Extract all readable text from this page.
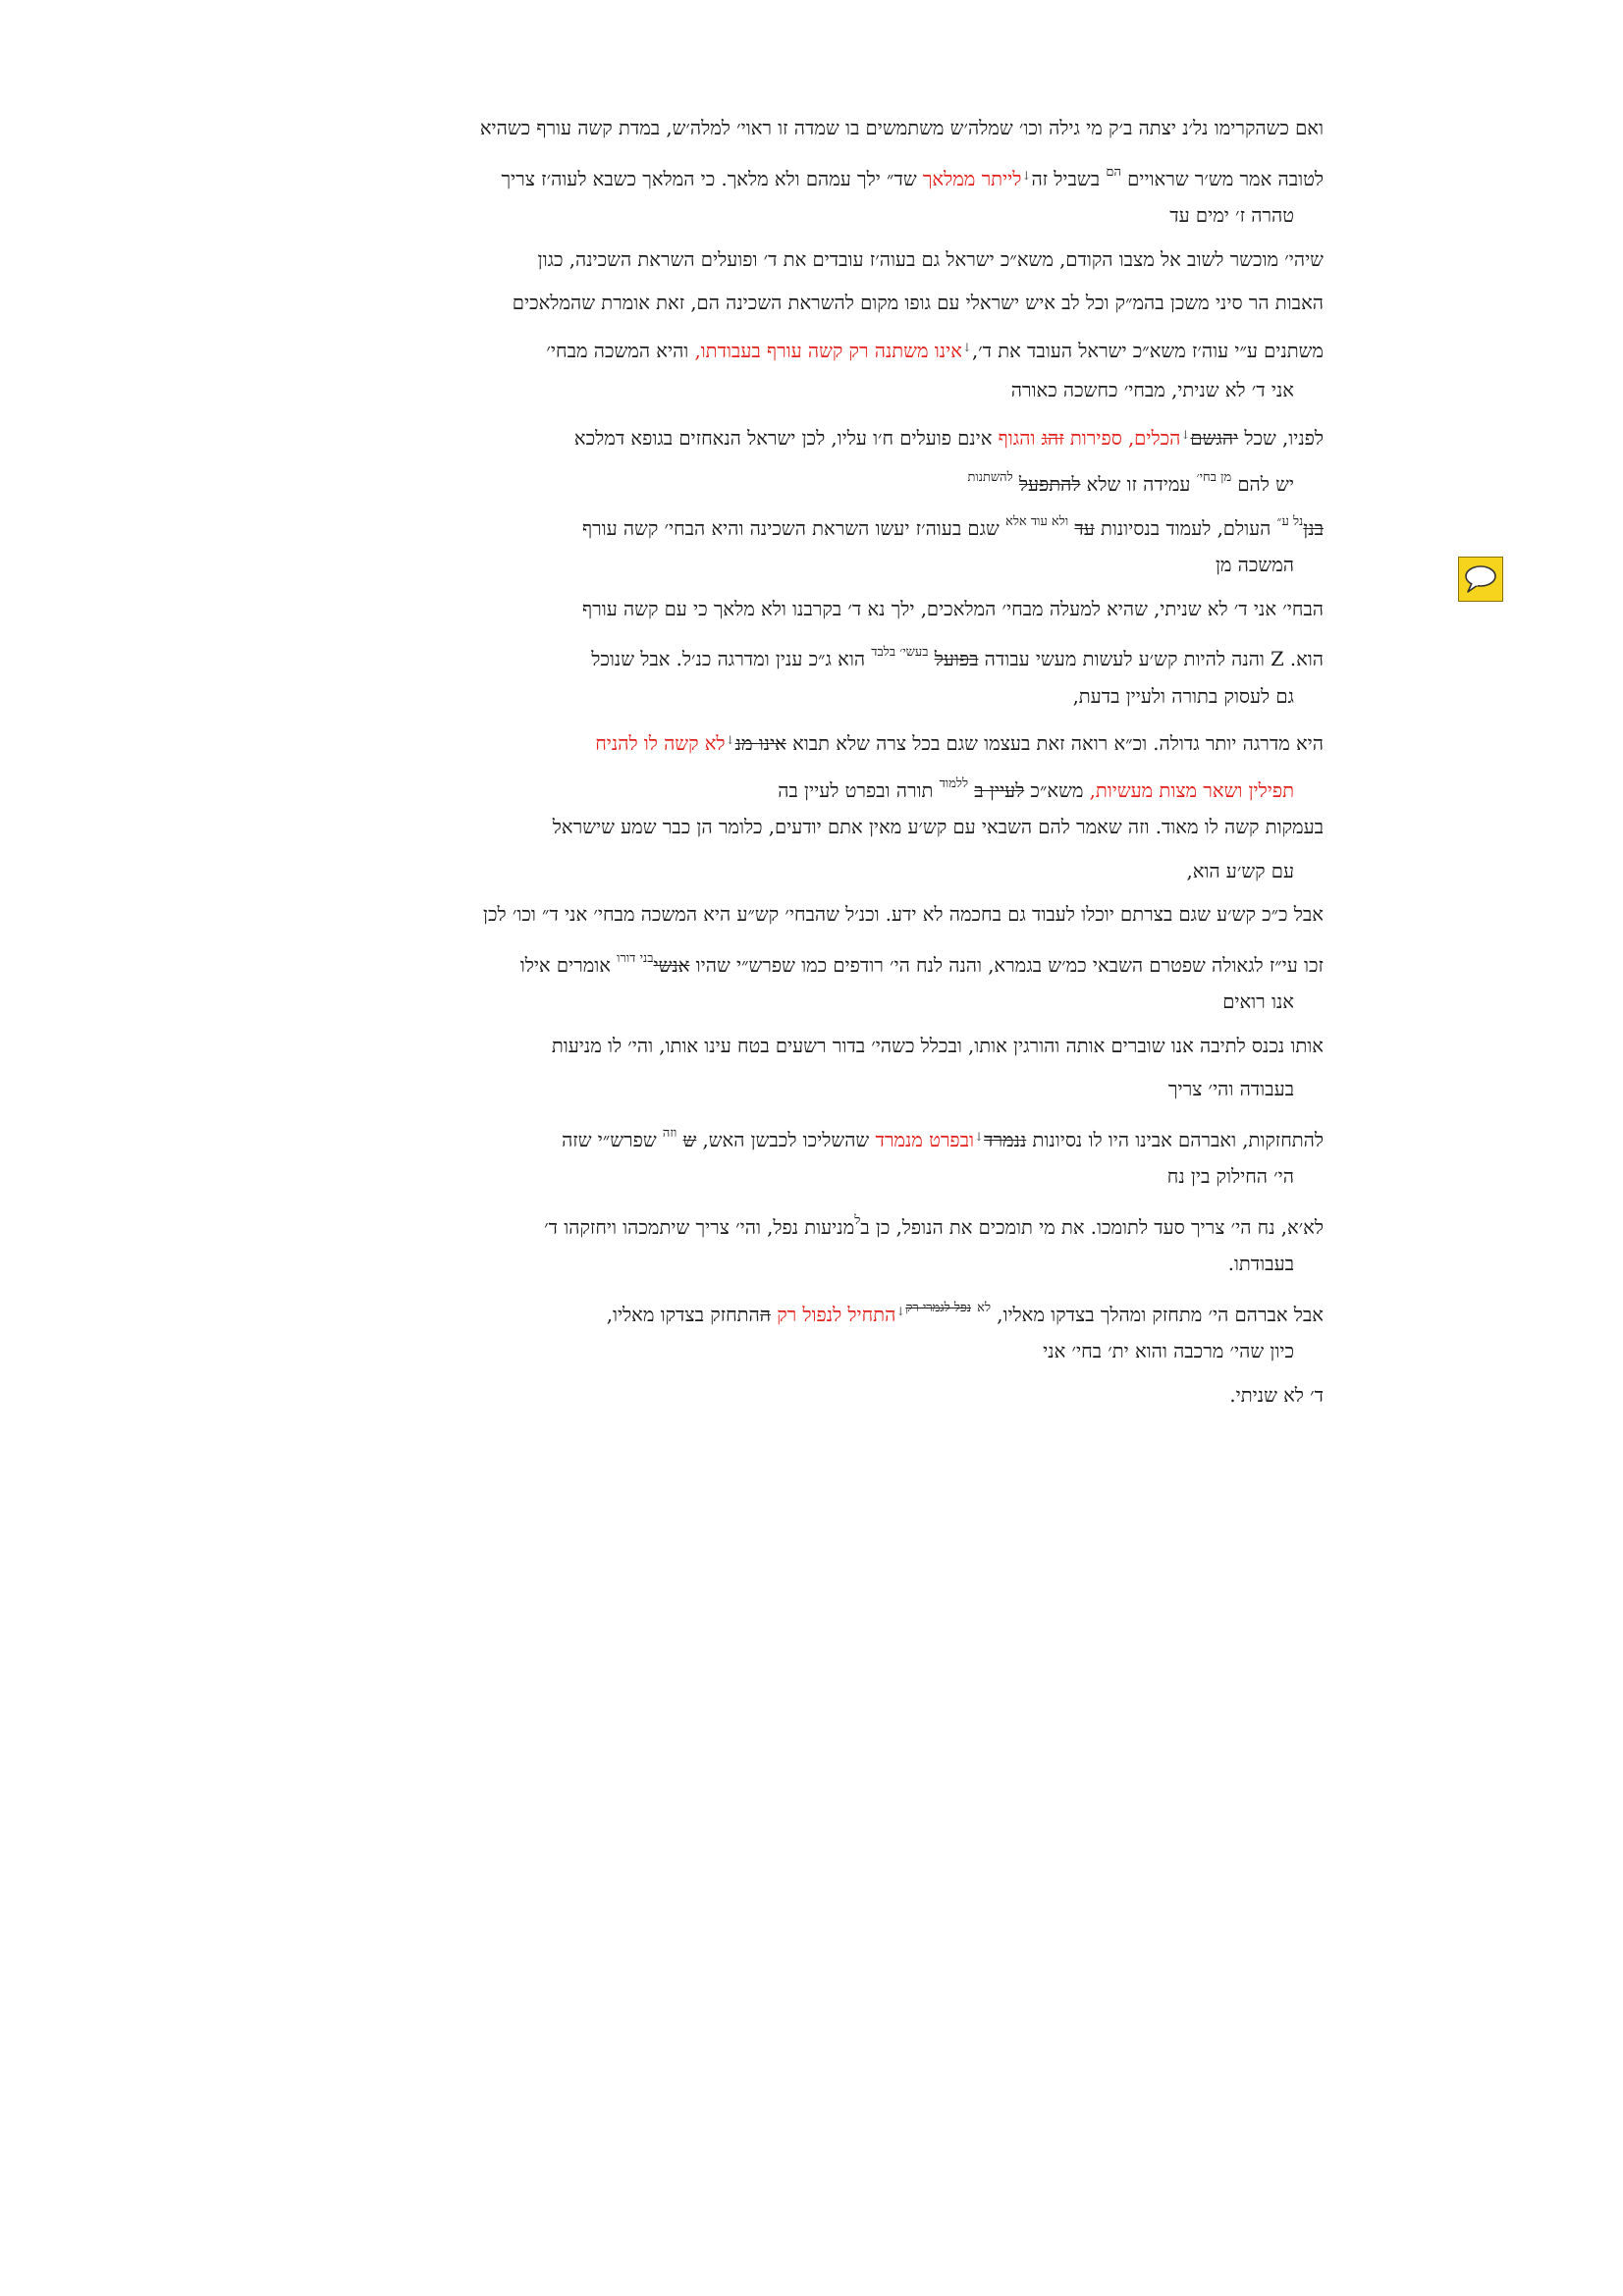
ואם כשהקרימו נל׳נ יצתה ב׳ק מי גילה וכו׳ שמלה׳ש משתמשים בו שמדה זו ראוי׳ למלה׳ש, במדת קשה עורף כשהיא
לטובה אמר מש׳ר שראויים $^{הם}$ בשביל זה↓לייתר ממלאך שד״ ילך עמהם ולא מלאך. כי המלאך כשבא לעוה׳ז צריך
טהרה ז׳ ימים עד
שיהי׳ מוכשר לשוב אל מצבו הקודם, משא״כ ישראל גם בעוה׳ז עובדים את ד׳ ופועלים השראת השכינה, כגון
האבות הר סיני משכן בהמ״ק וכל לב איש ישראלי עם גופו מקום להשראת השכינה הם, זאת אומרת שהמלאכים
משתנים ע״י עוה׳ז משא״כ ישראל העובד את ד׳,↓אינו משתנה רק קשה עורף בעבודתו, והיא המשכה מבחי׳
אני ד׳ לא שניתי, מבחי׳ כחשכה כאורה
לפניו, שכל יהגשם↓הכלים, ספירות זהג והגוף אינם פועלים ח׳ו עליו, לכן ישראל הנאחזים בגופא דמלכא
יש להם $^{מן בחי׳}$ עמידה זו שלא להתפעל $^{להשתנות}$
בנן$^{נל ע״}$ העולם, לעמוד בנסיונות עד $^{ולא עוד אלא}$ שגם בעוה׳ז יעשו השראת השכינה והיא הבחי׳ קשה עורף
המשכה מן
הבחי׳ אני ד׳ לא שניתי, שהיא למעלה מבחי׳ המלאכים, ילך נא ד׳ בקרבנו ולא מלאך כי עם קשה עורף
הוא. Z והנה להיות קש׳ע לעשות מעשי עבודה בפועל $^{בעשי׳ בלבד}$ הוא ג״כ ענין ומדרגה כנ׳ל. אבל שנוכל
גם לעסוק בתורה ולעיין בדעת,
היא מדרגה יותר גדולה. וכ״א רואה זאת בעצמו שגם בכל צרה שלא תבוא אינו מנ↓לא קשה לו להניח
תפילין ושאר מצות מעשיות, משא״כ לעיין ב $^{ללמוד}$ תורה ובפרט לעיין בה
בעמקות קשה לו מאוד. וזה שאמר להם השבאי עם קש׳ע מאין אתם יודעים, כלומר הן כבר שמע שישראל
עם קש׳ע הוא,
אבל כ״כ קש׳ע שגם בצרתם יוכלו לעבוד גם בחכמה לא ידע. וכנ׳ל שהבחי׳ קש״ע היא המשכה מבחי׳ אני ד״ וכו׳ לכן
זכו עי״ז לגאולה שפטרם השבאי כמ׳ש בגמרא, והנה לנח הי׳ רודפים כמו שפרש״י שהיו אנשי$^{בני דורו}$ אומרים אילו
אנו רואים
אותו נכנס לתיבה אנו שוברים אותה והורגין אותו, ובכלל כשהי׳ בדור רשעים בטח עינו אותו, והי׳ לו מניעות
בעבודה והי׳ צריך
להתחזקות, ואברהם אבינו היו לו נסיונות ננמרד↓ובפרט מנמרד שהשליכו לכבשן האש, ש $^{וזה}$ שפרש״י שזה
הי׳ החילוק בין נח
לא׳א, נח הי׳ צריך סעד לתומכו. את מי תומכים את הנופל, כן ב$^ל$מניעות נפל, והי׳ צריך שיתמכהו ויחזקהו ד׳
בעבודתו.
אבל אברהם הי׳ מתחזק ומהלך בצדקו מאליו, $^{לא}$ $^{נפל לגמרי רק↓}$התחיל לנפול רק ההתחזק בצדקו מאליו,
כיון שהי׳ מרכבה והוא ית׳ בחי׳ אני
ד׳ לא שניתי.
